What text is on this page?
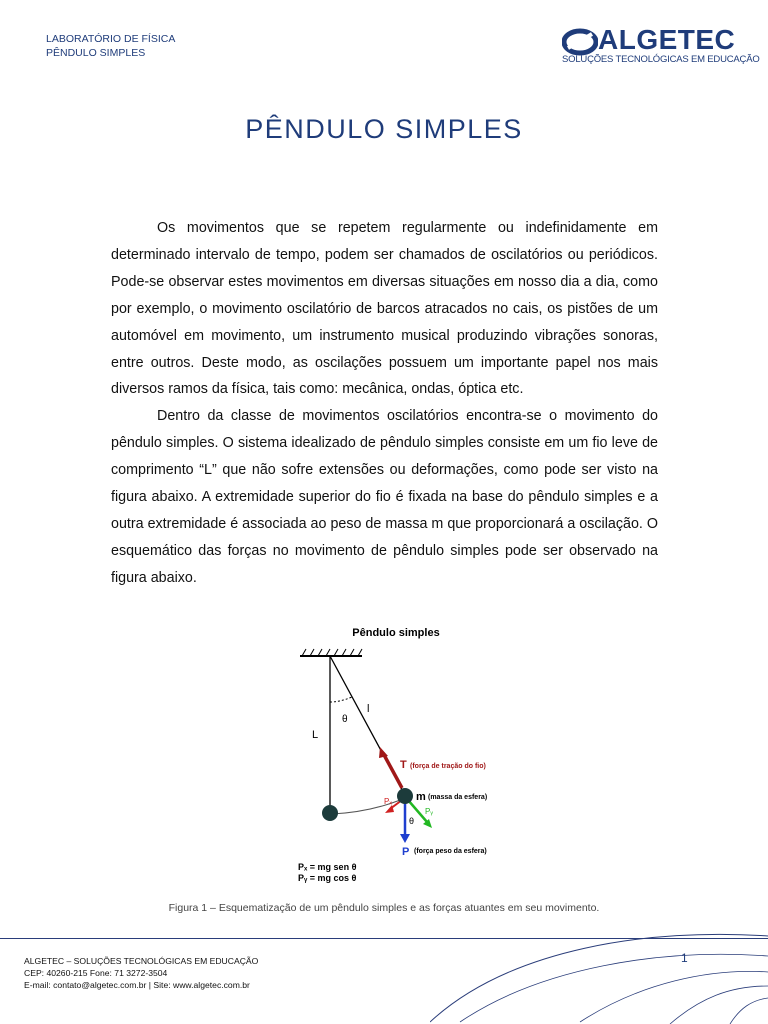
LABORATÓRIO DE FÍSICA
PÊNDULO SIMPLES	ALGETEC
SOLUÇÕES TECNOLÓGICAS EM EDUCAÇÃO
PÊNDULO SIMPLES

Os movimentos que se repetem regularmente ou indefinidamente em determinado intervalo de tempo, podem ser chamados de oscilatórios ou periódicos. Pode-se observar estes movimentos em diversas situações em nosso dia a dia, como por exemplo, o movimento oscilatório de barcos atracados no cais, os pistões de um automóvel em movimento, um instrumento musical produzindo vibrações sonoras, entre outros. Deste modo, as oscilações possuem um importante papel nos mais diversos ramos da física, tais como: mecânica, ondas, óptica etc.

Dentro da classe de movimentos oscilatórios encontra-se o movimento do pêndulo simples. O sistema idealizado de pêndulo simples consiste em um fio leve de comprimento “L” que não sofre extensões ou deformações, como pode ser visto na figura abaixo. A extremidade superior do fio é fixada na base do pêndulo simples e a outra extremidade é associada ao peso de massa m que proporcionará a oscilação. O esquemático das forças no movimento de pêndulo simples pode ser observado na figura abaixo.

Pêndulo simples
L
l
θ
T (força de tração do fio)
m (massa da esfera)
Pₓ
Pᵧ
θ
P (força peso da esfera)
Pₓ = mg sen θ
Pᵧ = mg cos θ
Figura 1 – Esquematização de um pêndulo simples e as forças atuantes em seu movimento.
ALGETEC – SOLUÇÕES TECNOLÓGICAS EM EDUCAÇÃO
CEP: 40260-215 Fone: 71 3272-3504
E-mail: contato@algetec.com.br | Site: www.algetec.com.br
1
